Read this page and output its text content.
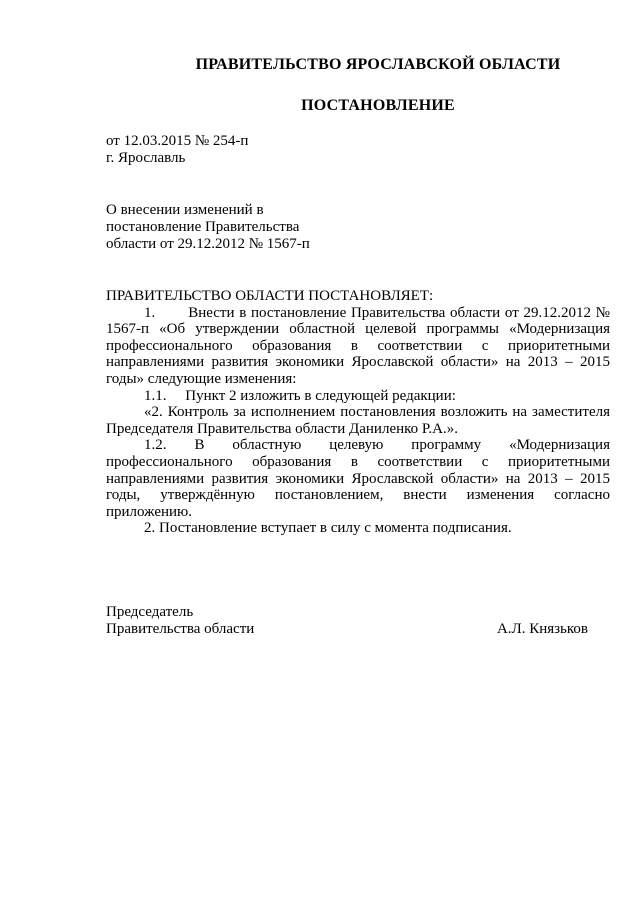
ПРАВИТЕЛЬСТВО ЯРОСЛАВСКОЙ ОБЛАСТИ
ПОСТАНОВЛЕНИЕ
от 12.03.2015 № 254-п
г. Ярославль
О внесении изменений в
постановление Правительства
области от 29.12.2012 № 1567-п

ПРАВИТЕЛЬСТВО ОБЛАСТИ ПОСТАНОВЛЯЕТ:

1.       Внести в постановление Правительства области от 29.12.2012 № 1567-п «Об утверждении областной целевой программы «Модернизация профессионального образования в соответствии с приоритетными направлениями развития экономики Ярославской области» на 2013 – 2015 годы» следующие изменения:

1.1.     Пункт 2 изложить в следующей редакции:

«2. Контроль за исполнением постановления возложить на заместителя Председателя Правительства области Даниленко Р.А.».

1.2. В областную целевую программу «Модернизация профессионального образования в соответствии с приоритетными направлениями развития экономики Ярославской области» на 2013 – 2015 годы, утверждённую постановлением, внести изменения согласно приложению.

2. Постановление вступает в силу с момента подписания.

Председатель
Правительства области	А.Л. Князьков
